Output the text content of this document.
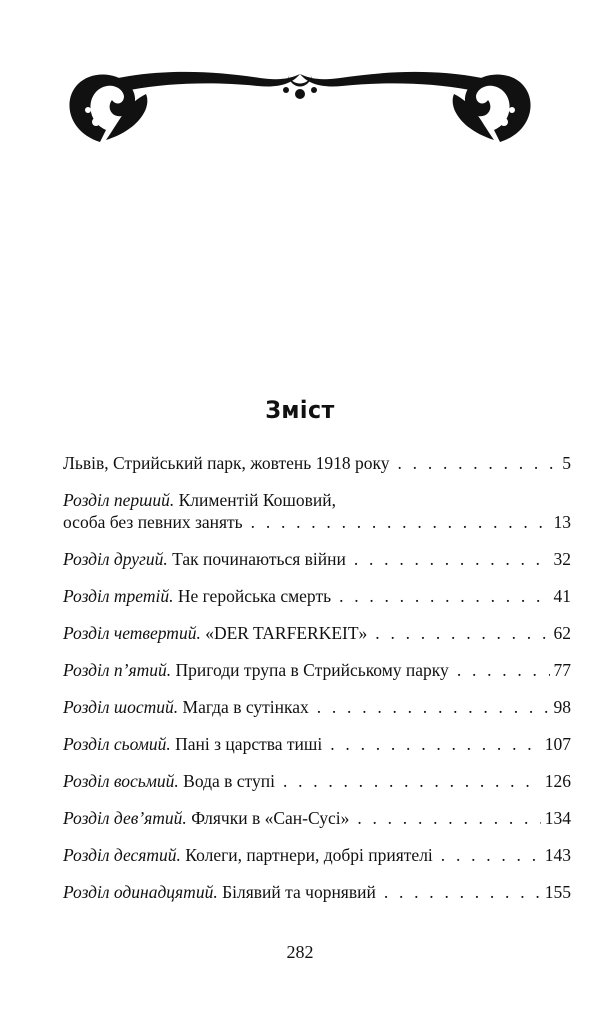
Зміст
Львів, Стрийський парк, жовтень 1918 року . . .	5
Розділ перший.
Климентій Кошовий,
особа без певних занять . . .	13
Розділ другий.
Так починаються війни . . .	32
Розділ третій.
Не геройська смерть . . .	41
Розділ четвертий.
«DER TARFERKEIT» . . .	62
Розділ п’ятий.
Пригоди трупа в Стрийському парку . . .	77
Розділ шостий.
Магда в сутінках . . .	98
Розділ сьомий.
Пані з царства тиші . . .	107
Розділ восьмий.
Вода в ступі . . .	126
Розділ дев’ятий.
Флячки в «Сан-Сусі» . . .	134
Розділ десятий.
Колеги, партнери, добрі приятелі . . .	143
Розділ одинадцятий.
Білявий та чорнявий . . .	155
282
